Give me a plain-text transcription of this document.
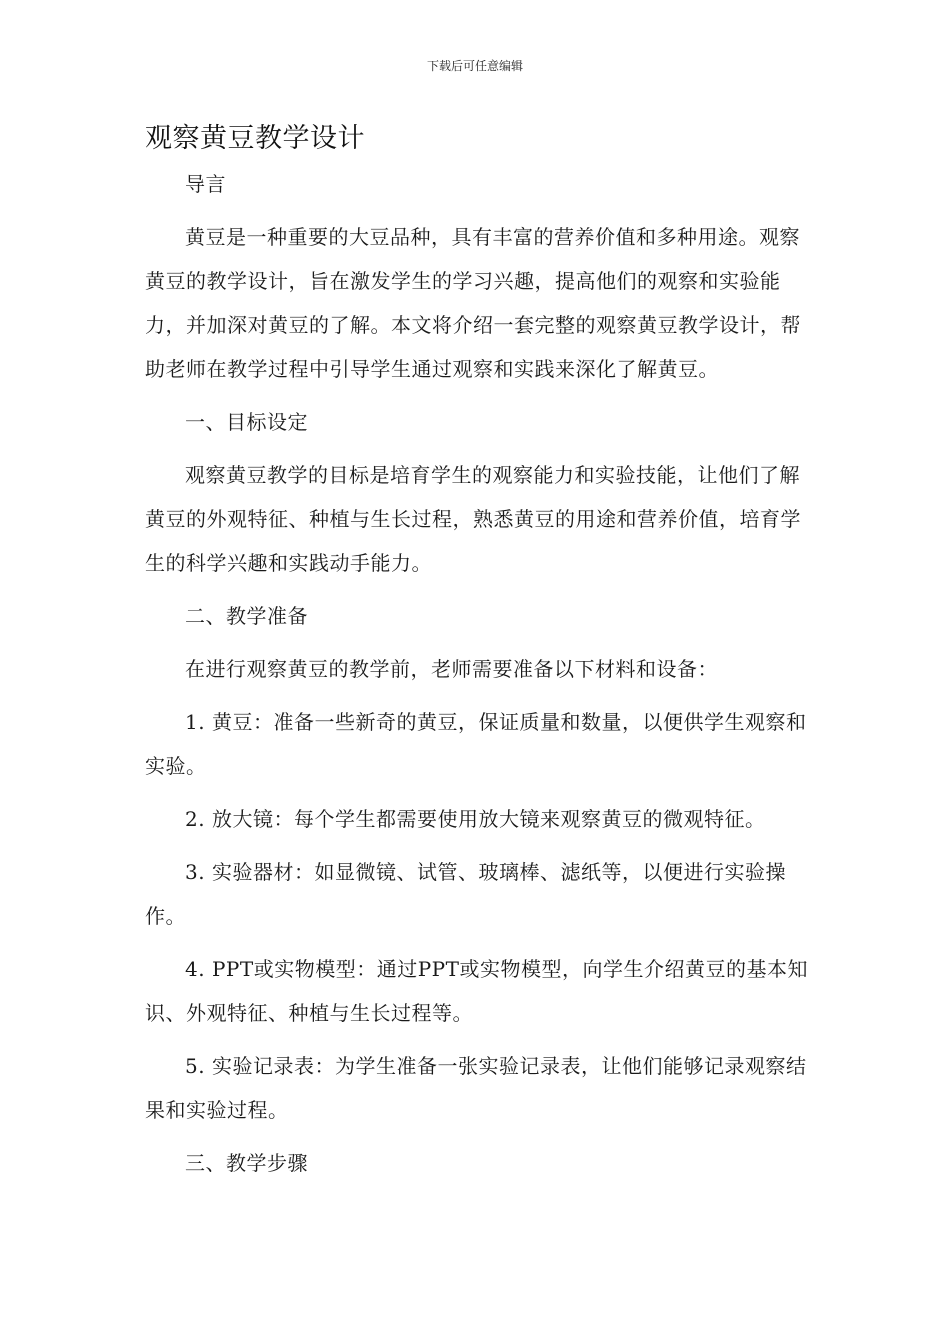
下载后可任意编辑
观察黄豆教学设计

导言

黄豆是一种重要的大豆品种，具有丰富的营养价值和多种用途。观察黄豆的教学设计，旨在激发学生的学习兴趣，提高他们的观察和实验能力，并加深对黄豆的了解。本文将介绍一套完整的观察黄豆教学设计，帮助老师在教学过程中引导学生通过观察和实践来深化了解黄豆。

一、目标设定

观察黄豆教学的目标是培育学生的观察能力和实验技能，让他们了解黄豆的外观特征、种植与生长过程，熟悉黄豆的用途和营养价值，培育学生的科学兴趣和实践动手能力。

二、教学准备

在进行观察黄豆的教学前，老师需要准备以下材料和设备：

1. 黄豆：准备一些新奇的黄豆，保证质量和数量，以便供学生观察和实验。

2. 放大镜：每个学生都需要使用放大镜来观察黄豆的微观特征。

3. 实验器材：如显微镜、试管、玻璃棒、滤纸等，以便进行实验操作。

4. PPT或实物模型：通过PPT或实物模型，向学生介绍黄豆的基本知识、外观特征、种植与生长过程等。

5. 实验记录表：为学生准备一张实验记录表，让他们能够记录观察结果和实验过程。

三、教学步骤
